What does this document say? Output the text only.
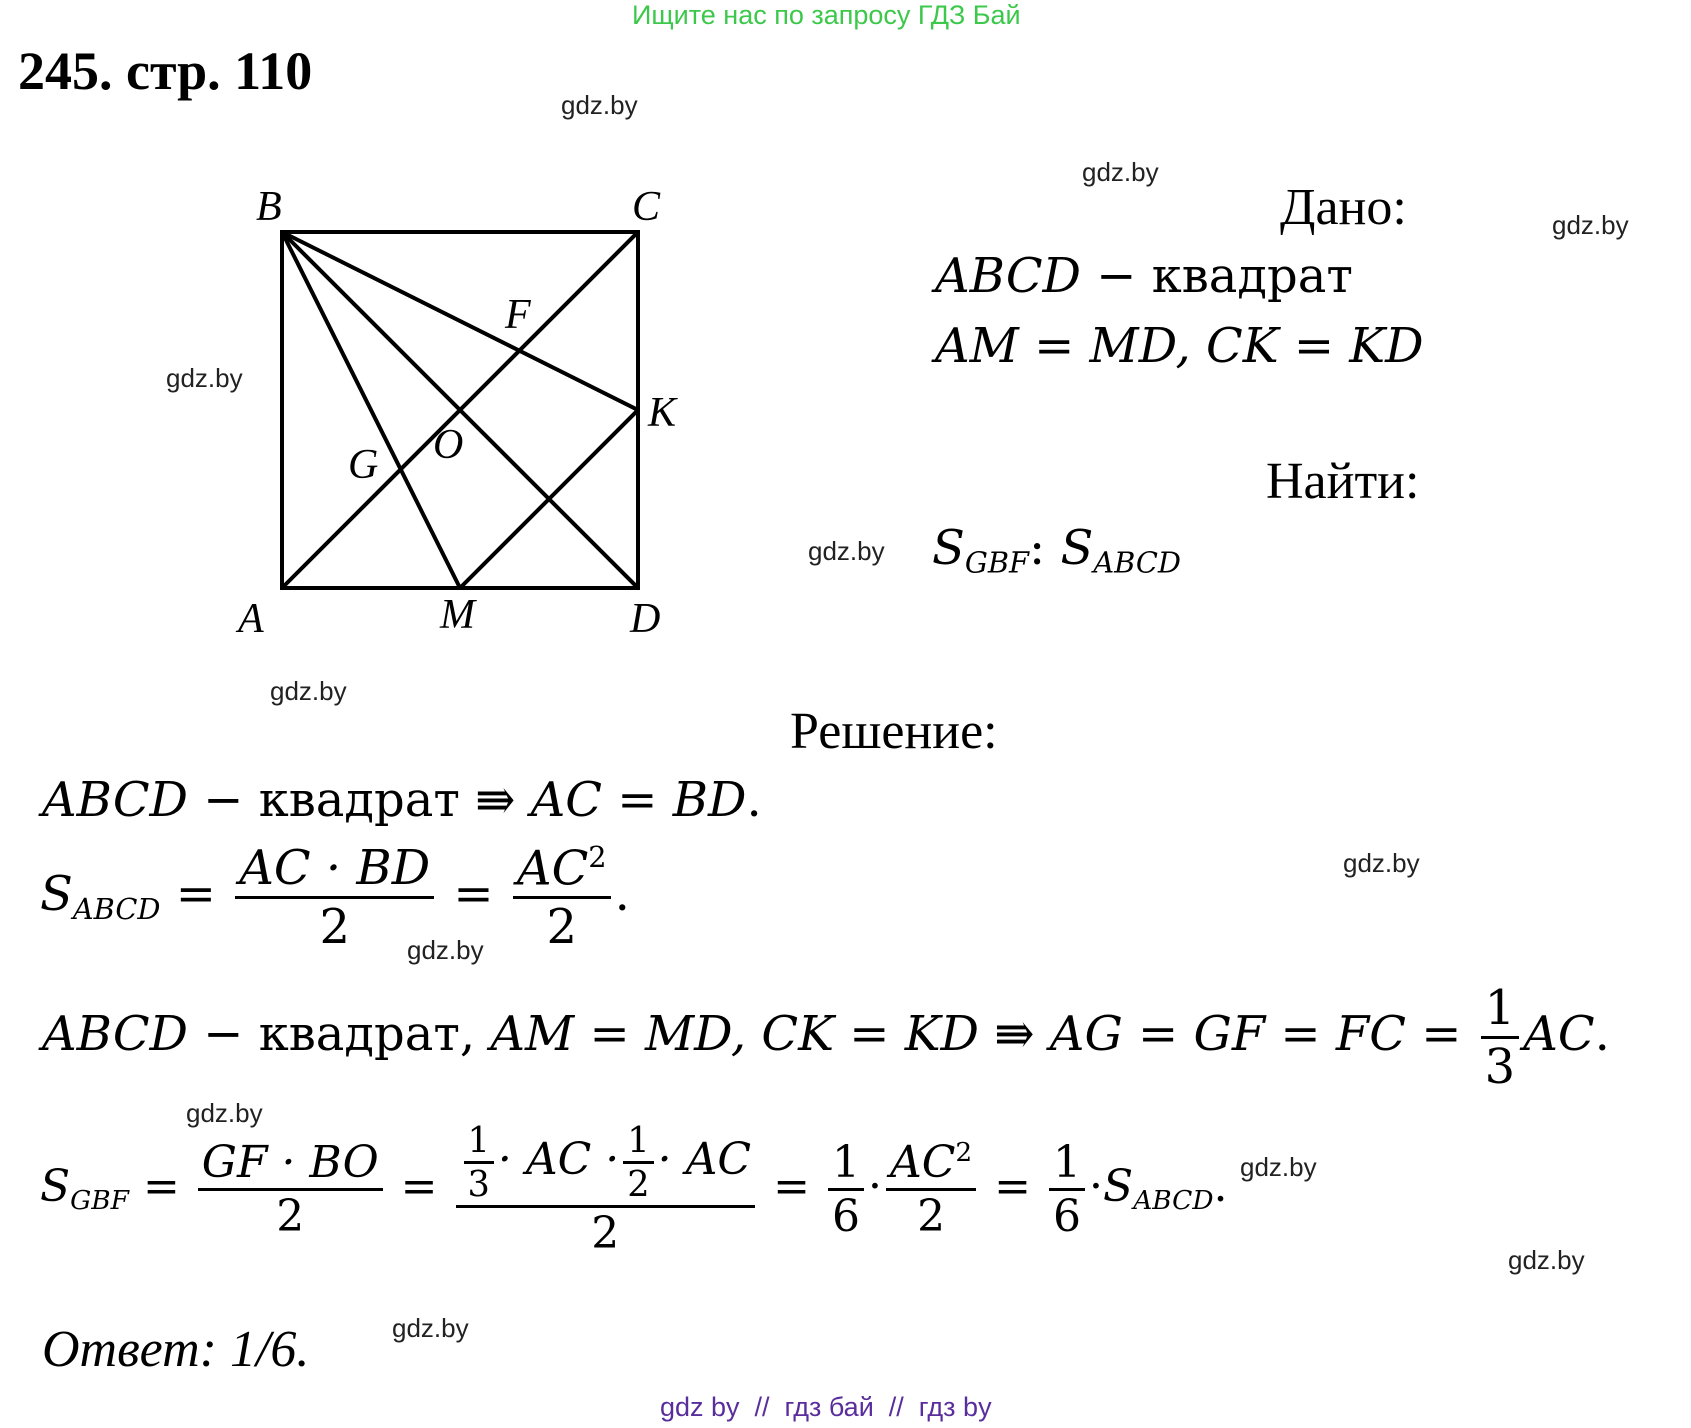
Ищите нас по запросу ГДЗ Бай
245. стр. 110
gdz.by
gdz.by
gdz.by
gdz.by
gdz.by
gdz.by
gdz.by
gdz.by
gdz.by
gdz.by
gdz.by
gdz.by
B	C
A	D
M
K
F
G O
Дано:
ABCD − квадрат
AM = MD, CK = KD
Найти:
$S_{GBF}$: $S_{ABCD}$
Решение:
ABCD − квадрат ⇛ AC = BD.
$S_{ABCD} = \frac{AC \cdot BD}{2} = \frac{AC^2}{2}$ .
ABCD − квадрат, AM = MD, CK = KD ⇛ AG = GF = FC = $\frac{1}{3}$ AC.
$S_{GBF} = \frac{GF \cdot BO}{2} = \frac{\frac{1}{3} \cdot AC \cdot \frac{1}{2} \cdot AC}{2} = \frac{1}{6} \cdot \frac{AC^2}{2} = \frac{1}{6} \cdot S_{ABCD}$.
Ответ: 1/6.
gdz by  //  гдз бай  //  гдз by
